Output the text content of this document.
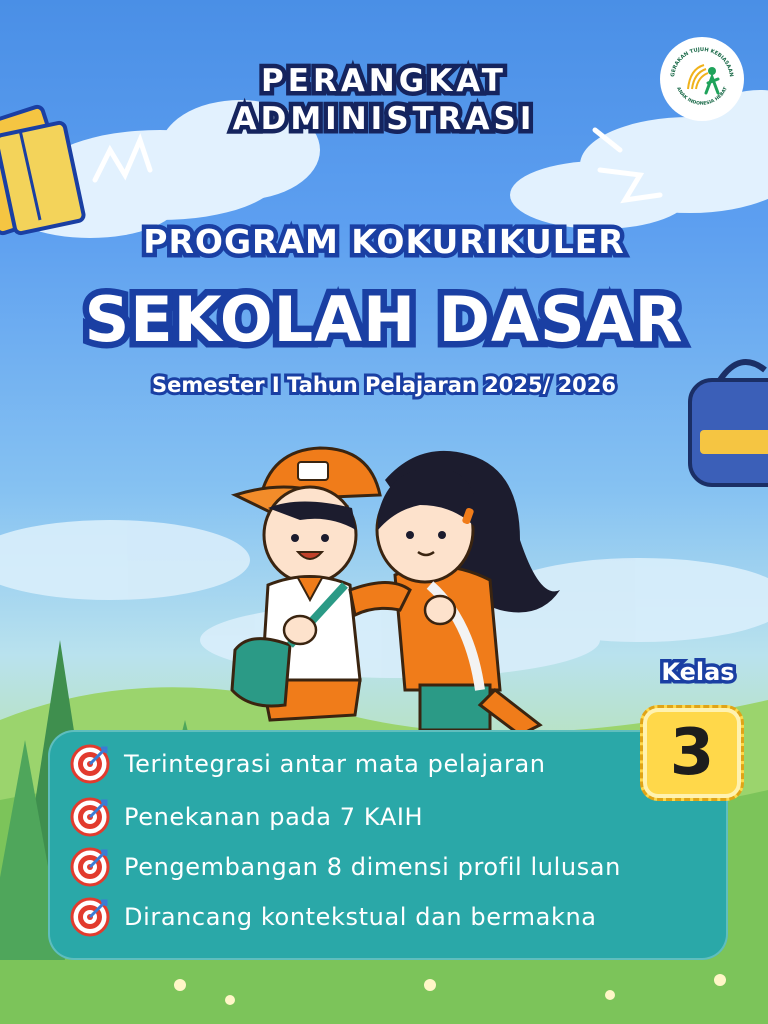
GERAKAN TUJUH KEBIASAAN
ANAK INDONESIA HEBAT
PERANGKAT
ADMINISTRASI
PROGRAM KOKURIKULER
SEKOLAH DASAR
Semester I Tahun Pelajaran 2025/ 2026
Terintegrasi antar mata pelajaran
Penekanan pada 7 KAIH
Pengembangan 8 dimensi profil lulusan
Dirancang kontekstual dan bermakna
Kelas
3
